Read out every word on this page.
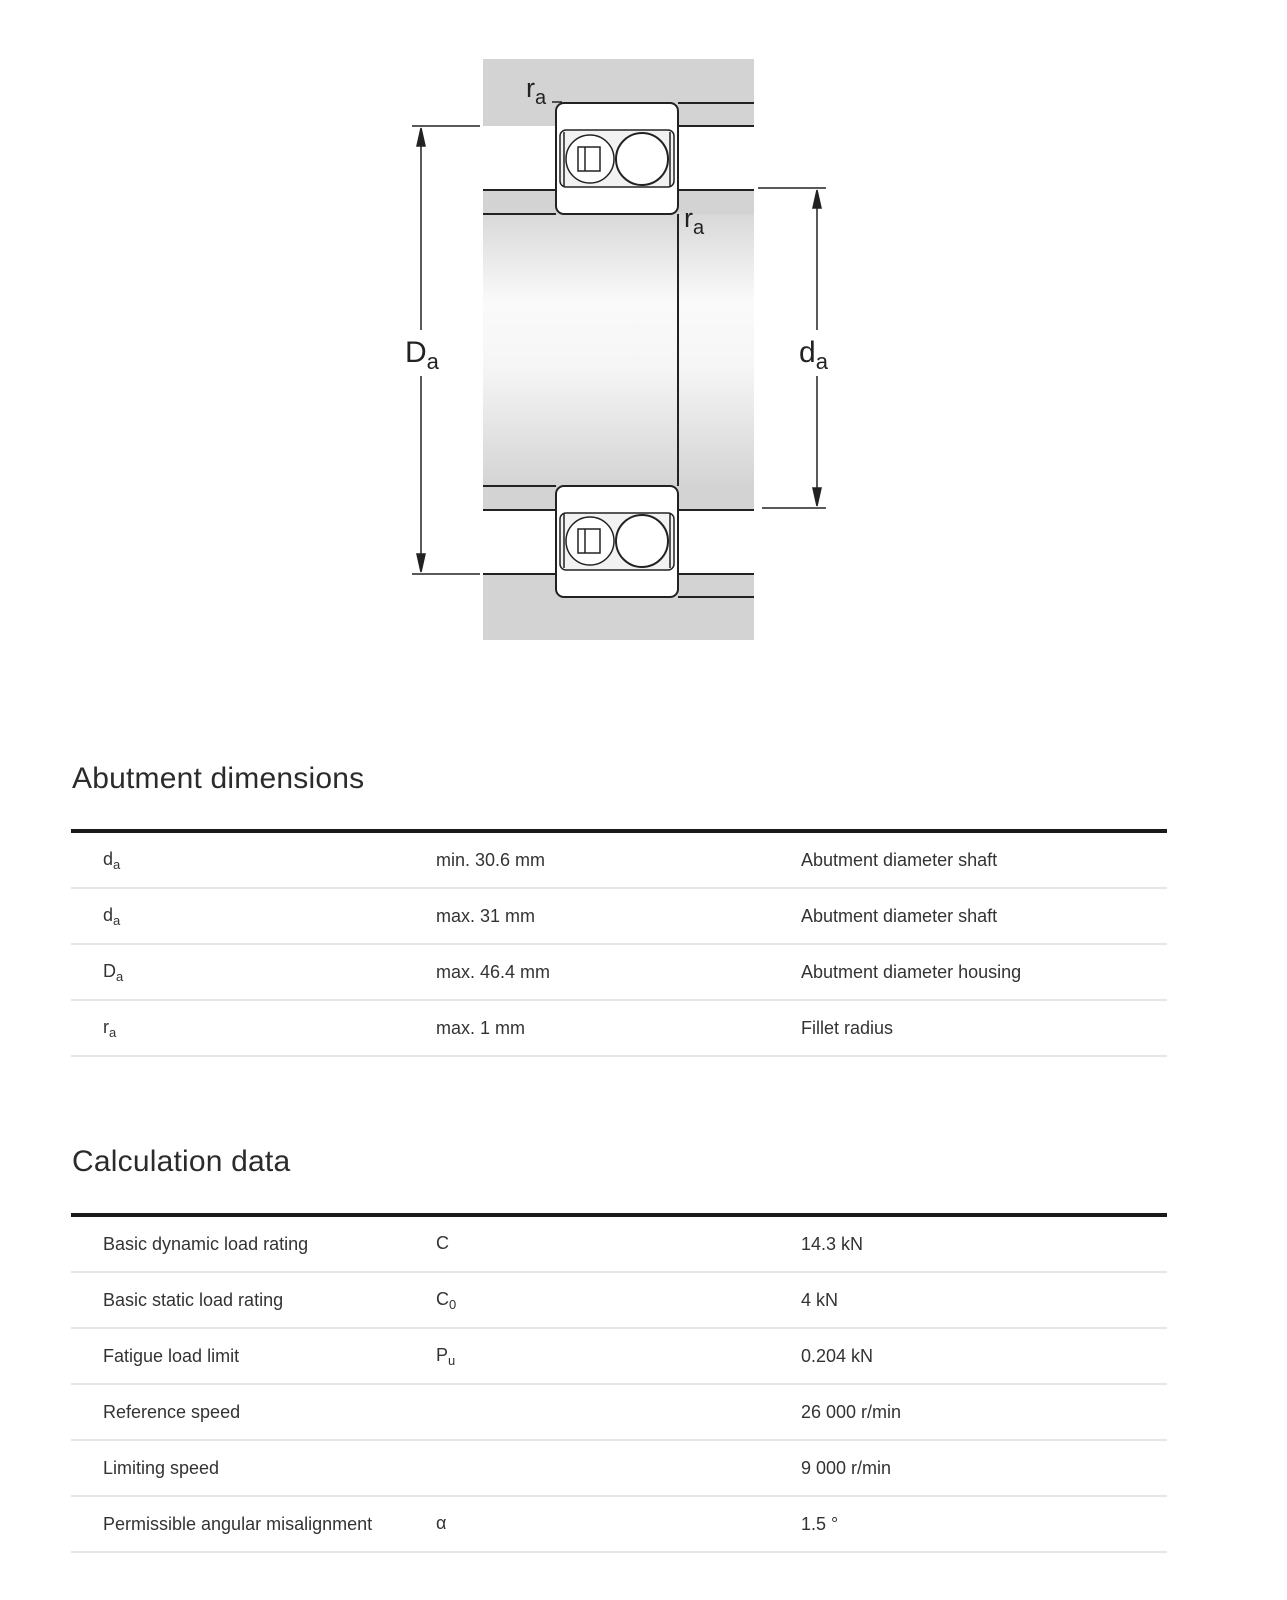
$r_a$
$r_a$
$D_a$	$d_a$
Abutment dimensions

$d_a$	min. 30.6 mm	Abutment diameter shaft
$d_a$	max. 31 mm	Abutment diameter shaft
$D_a$	max. 46.4 mm	Abutment diameter housing
$r_a$	max. 1 mm	Fillet radius
Calculation data

Basic dynamic load rating	C	14.3 kN
Basic static load rating	$C_0$	4 kN
Fatigue load limit	$P_u$	0.204 kN
Reference speed		26 000 r/min
Limiting speed		9 000 r/min
Permissible angular misalignment	α	1.5 °
